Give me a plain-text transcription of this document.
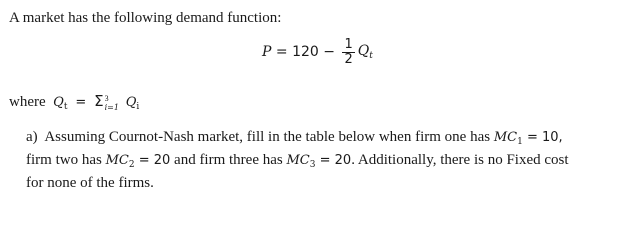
A market has the following demand function:
$P = 120 - \frac{1}{2} Q_t$
where  $Q_t = \Sigma$ 3
i=1 $Q_i$
a)  Assuming Cournot-Nash market, fill in the table below when firm one has $MC_1 = 10$,
firm two has $MC_2 = 20$ and firm three has $MC_3 = 20$. Additionally, there is no Fixed cost
for none of the firms.
